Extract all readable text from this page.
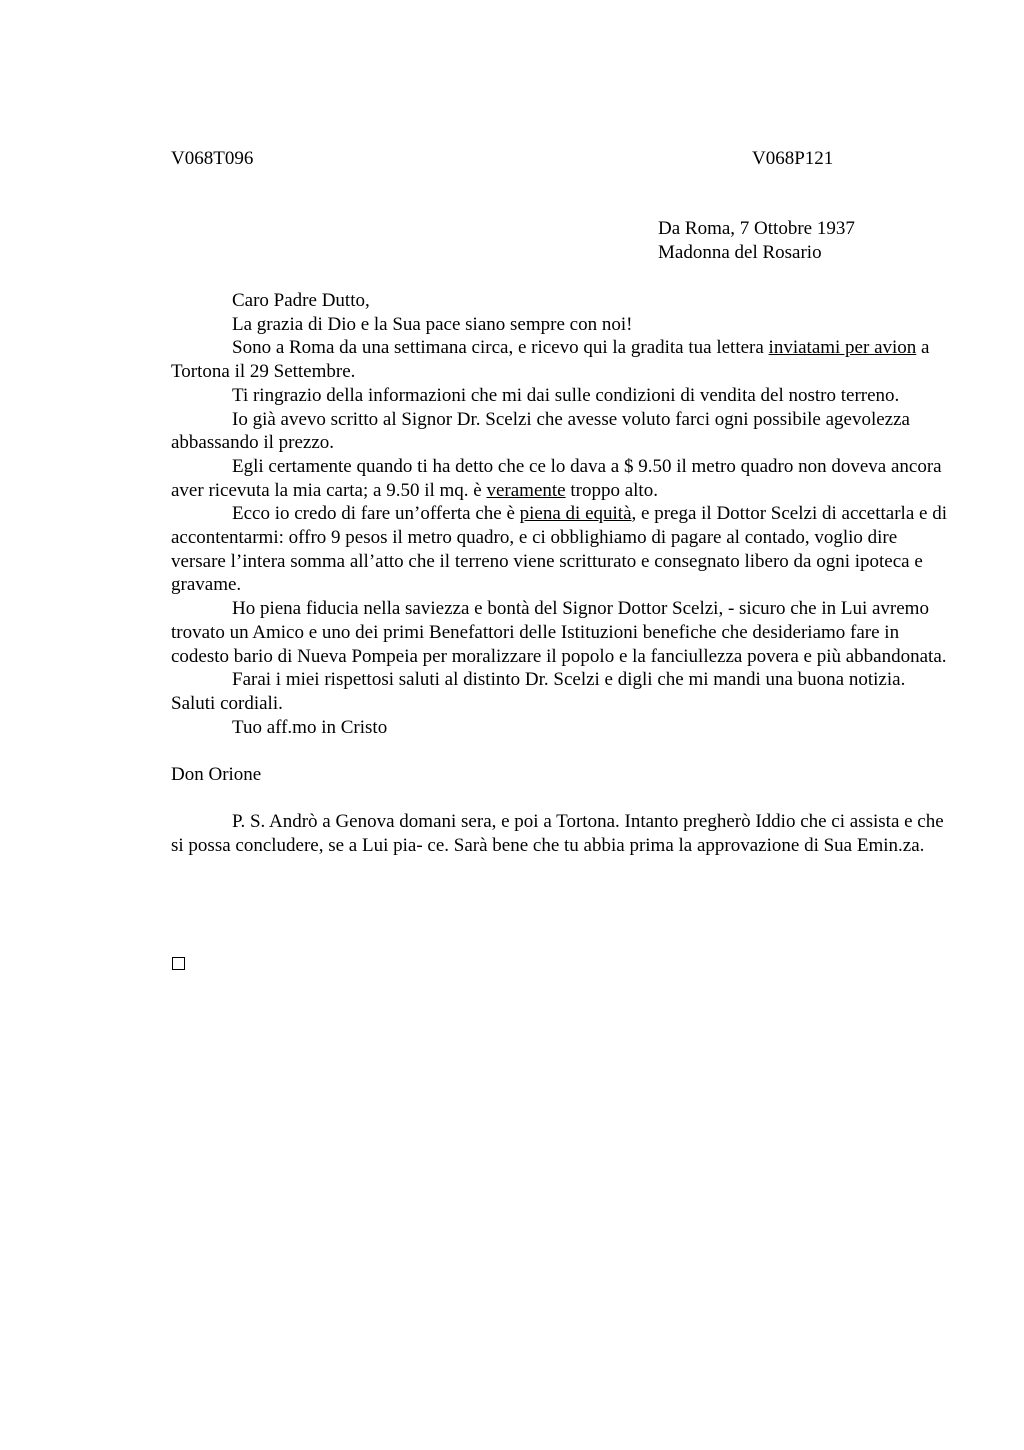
V068T096	V068P121
Da Roma, 7 Ottobre 1937
Madonna del Rosario

Caro Padre Dutto,

La grazia di Dio e la Sua pace siano sempre con noi!

Sono a Roma da una settimana circa, e ricevo qui la gradita tua lettera inviatami per avion a Tortona il 29 Settembre.

Ti ringrazio della informazioni che mi dai sulle condizioni di vendita del nostro terreno.

Io già avevo scritto al Signor Dr. Scelzi che avesse voluto farci ogni possibile agevolezza abbassando il prezzo.

Egli certamente quando ti ha detto che ce lo dava a $ 9.50 il metro quadro non doveva ancora aver ricevuta la mia carta; a 9.50 il mq. è veramente troppo alto.

Ecco io credo di fare un’offerta che è piena di equità, e prega il Dottor Scelzi di accettarla e di accontentarmi: offro 9 pesos il metro quadro, e ci obblighiamo di pagare al contado, voglio dire versare l’intera somma all’atto che il terreno viene scritturato e consegnato libero da ogni ipoteca e gravame.

Ho piena fiducia nella saviezza e bontà del Signor Dottor Scelzi, - sicuro che in Lui avremo trovato un Amico e uno dei primi Benefattori delle Istituzioni benefiche che desideriamo fare in codesto bario di Nueva Pompeia per moralizzare il popolo e la fanciullezza povera e più abbandonata.

Farai i miei rispettosi saluti al distinto Dr. Scelzi e digli che mi mandi una buona notizia. Saluti cordiali.

Tuo aff.mo in Cristo

Don Orione

P. S. Andrò a Genova domani sera, e poi a Tortona. Intanto pregherò Iddio che ci assista e che si possa concludere, se a Lui pia- ce. Sarà bene che tu abbia prima la approvazione di Sua Emin.za.
